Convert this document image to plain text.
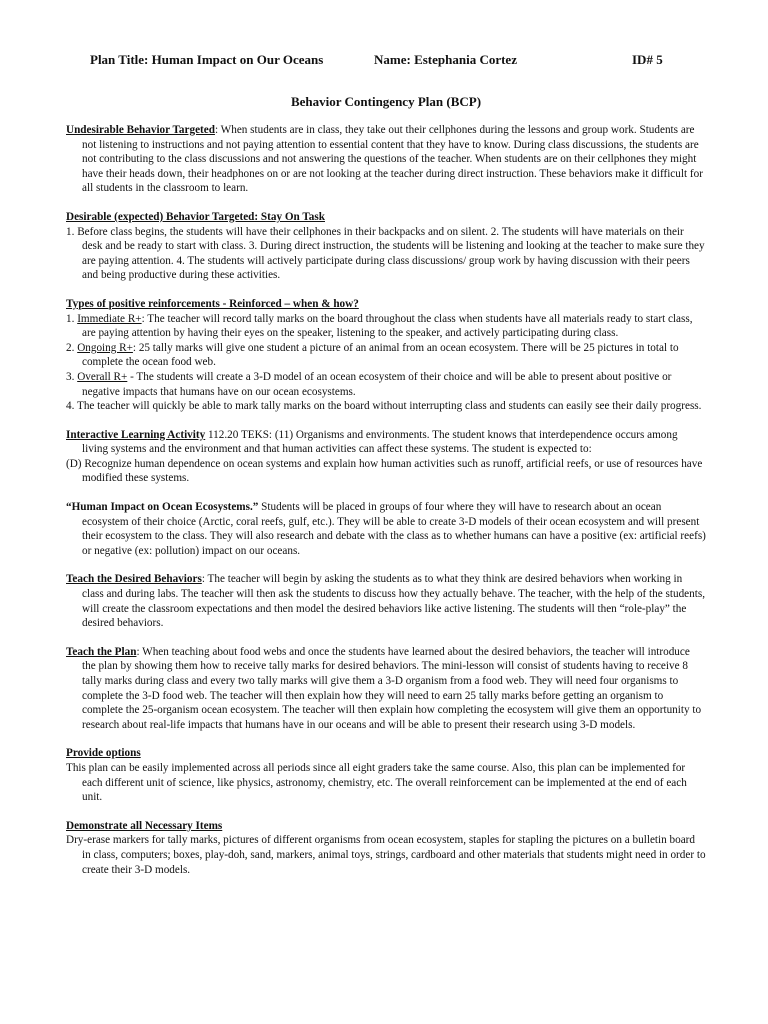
Plan Title: Human Impact on Our Oceans	Name: Estephania Cortez	ID# 5
Behavior Contingency Plan (BCP)

Undesirable Behavior Targeted: When students are in class, they take out their cellphones during the lessons and group work. Students are not listening to instructions and not paying attention to essential content that they have to know. During class discussions, the students are not contributing to the class discussions and not answering the questions of the teacher. When students are on their cellphones they might have their heads down, their headphones on or are not looking at the teacher during direct instruction. These behaviors make it difficult for all students in the classroom to learn.

Desirable (expected) Behavior Targeted: Stay On Task

1. Before class begins, the students will have their cellphones in their backpacks and on silent. 2. The students will have materials on their desk and be ready to start with class. 3. During direct instruction, the students will be listening and looking at the teacher to make sure they are paying attention. 4. The students will actively participate during class discussions/ group work by having discussion with their peers and being productive during these activities.

Types of positive reinforcements - Reinforced – when & how?

1. Immediate R+: The teacher will record tally marks on the board throughout the class when students have all materials ready to start class, are paying attention by having their eyes on the speaker, listening to the speaker, and actively participating during class.

2. Ongoing R+: 25 tally marks will give one student a picture of an animal from an ocean ecosystem. There will be 25 pictures in total to complete the ocean food web.

3. Overall R+ - The students will create a 3-D model of an ocean ecosystem of their choice and will be able to present about positive or negative impacts that humans have on our ocean ecosystems.

4. The teacher will quickly be able to mark tally marks on the board without interrupting class and students can easily see their daily progress.

Interactive Learning Activity 112.20 TEKS: (11) Organisms and environments. The student knows that interdependence occurs among living systems and the environment and that human activities can affect these systems. The student is expected to:

(D) Recognize human dependence on ocean systems and explain how human activities such as runoff, artificial reefs, or use of resources have modified these systems.

“Human Impact on Ocean Ecosystems.” Students will be placed in groups of four where they will have to research about an ocean ecosystem of their choice (Arctic, coral reefs, gulf, etc.). They will be able to create 3-D models of their ocean ecosystem and will present their ecosystem to the class. They will also research and debate with the class as to whether humans can have a positive (ex: artificial reefs) or negative (ex: pollution) impact on our oceans.

Teach the Desired Behaviors: The teacher will begin by asking the students as to what they think are desired behaviors when working in class and during labs. The teacher will then ask the students to discuss how they actually behave. The teacher, with the help of the students, will create the classroom expectations and then model the desired behaviors like active listening. The students will then “role-play” the desired behaviors.

Teach the Plan: When teaching about food webs and once the students have learned about the desired behaviors, the teacher will introduce the plan by showing them how to receive tally marks for desired behaviors. The mini-lesson will consist of students having to receive 8 tally marks during class and every two tally marks will give them a 3-D organism from a food web. They will need four organisms to complete the 3-D food web. The teacher will then explain how they will need to earn 25 tally marks before getting an organism to complete the 25-organism ocean ecosystem. The teacher will then explain how completing the ecosystem will give them an opportunity to research about real-life impacts that humans have in our oceans and will be able to present their research using 3-D models.

Provide options

This plan can be easily implemented across all periods since all eight graders take the same course. Also, this plan can be implemented for each different unit of science, like physics, astronomy, chemistry, etc. The overall reinforcement can be implemented at the end of each unit.

Demonstrate all Necessary Items

Dry-erase markers for tally marks, pictures of different organisms from ocean ecosystem, staples for stapling the pictures on a bulletin board in class, computers; boxes, play-doh, sand, markers, animal toys, strings, cardboard and other materials that students might need in order to create their 3-D models.
